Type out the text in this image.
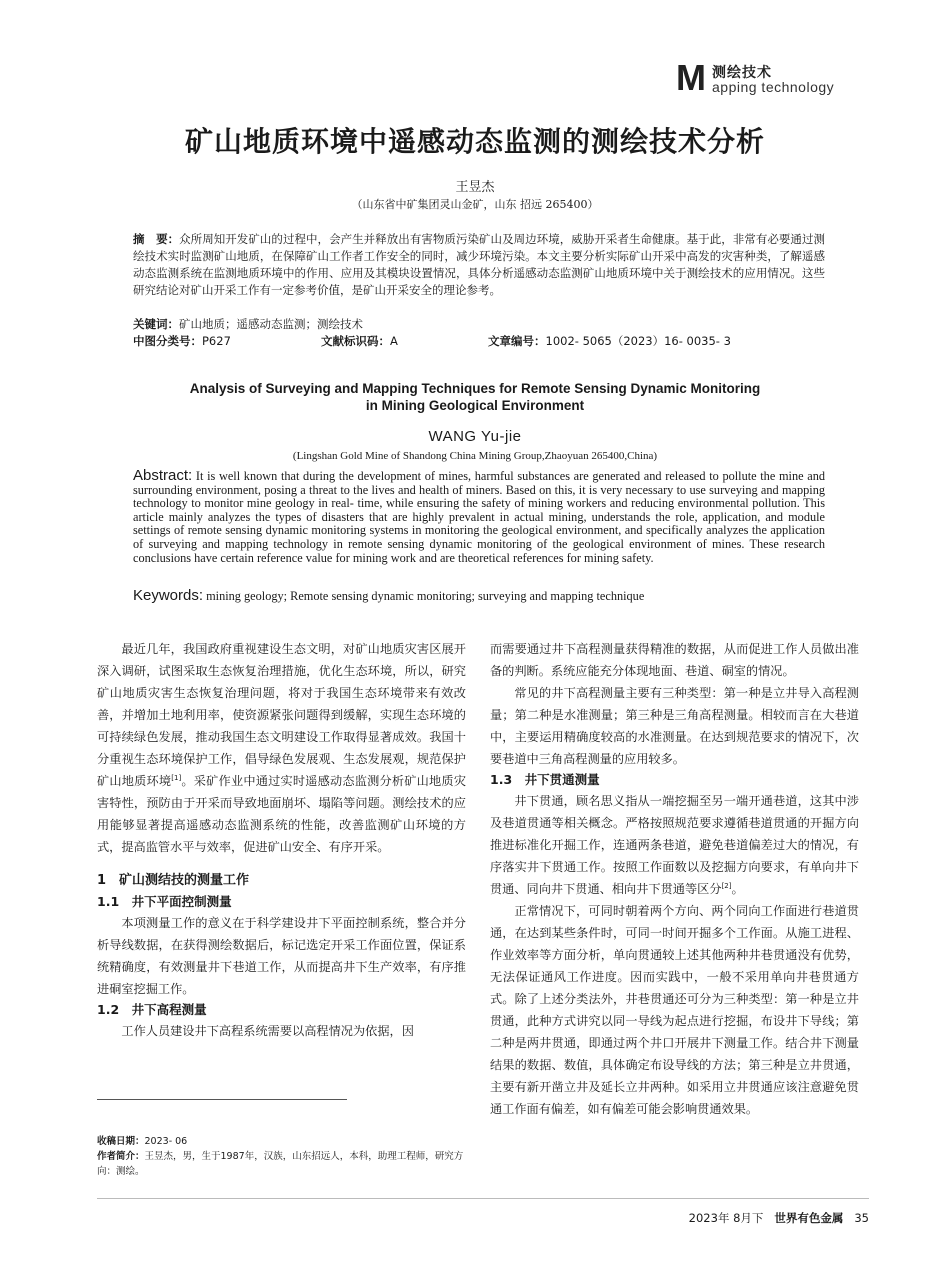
M 测绘技术
apping technology
矿山地质环境中遥感动态监测的测绘技术分析
王昱杰
（山东省中矿集团灵山金矿，山东 招远 265400）
摘　要：众所周知开发矿山的过程中，会产生并释放出有害物质污染矿山及周边环境，威胁开采者生命健康。基于此，非常有必要通过测绘技术实时监测矿山地质，在保障矿山工作者工作安全的同时，减少环境污染。本文主要分析实际矿山开采中高发的灾害种类，了解遥感动态监测系统在监测地质环境中的作用、应用及其模块设置情况，具体分析遥感动态监测矿山地质环境中关于测绘技术的应用情况。这些研究结论对矿山开采工作有一定参考价值，是矿山开采安全的理论参考。
关键词：矿山地质；遥感动态监测；测绘技术
中图分类号：P627	文献标识码：A	文章编号：1002- 5065（2023）16- 0035- 3
Analysis of Surveying and Mapping Techniques for Remote Sensing Dynamic Monitoring
in Mining Geological Environment
WANG Yu-jie
(Lingshan Gold Mine of Shandong China Mining Group,Zhaoyuan 265400,China)
Abstract: It is well known that during the development of mines, harmful substances are generated and released to pollute the mine and surrounding environment, posing a threat to the lives and health of miners. Based on this, it is very necessary to use surveying and mapping technology to monitor mine geology in real- time, while ensuring the safety of mining workers and reducing environmental pollution. This article mainly analyzes the types of disasters that are highly prevalent in actual mining, understands the role, application, and module settings of remote sensing dynamic monitoring systems in monitoring the geological environment, and specifically analyzes the application of surveying and mapping technology in remote sensing dynamic monitoring of the geological environment of mines. These research conclusions have certain reference value for mining work and are theoretical references for mining safety.
Keywords: mining geology; Remote sensing dynamic monitoring; surveying and mapping technique

最近几年，我国政府重视建设生态文明，对矿山地质灾害区展开深入调研，试图采取生态恢复治理措施，优化生态环境，所以，研究矿山地质灾害生态恢复治理问题，将对于我国生态环境带来有效改善，并增加土地利用率，使资源紧张问题得到缓解，实现生态环境的可持续绿色发展，推动我国生态文明建设工作取得显著成效。我国十分重视生态环境保护工作，倡导绿色发展观、生态发展观，规范保护矿山地质环境[1]。采矿作业中通过实时遥感动态监测分析矿山地质灾害特性，预防由于开采而导致地面崩坏、塌陷等问题。测绘技术的应用能够显著提高遥感动态监测系统的性能，改善监测矿山环境的方式，提高监管水平与效率，促进矿山安全、有序开采。

1　矿山测结技的测量工作

1.1　井下平面控制测量

本项测量工作的意义在于科学建设井下平面控制系统，整合并分析导线数据，在获得测绘数据后，标记选定开采工作面位置，保证系统精确度，有效测量井下巷道工作，从而提高井下生产效率，有序推进硐室挖掘工作。

1.2　井下高程测量

工作人员建设井下高程系统需要以高程情况为依据，因

而需要通过井下高程测量获得精准的数据，从而促进工作人员做出准备的判断。系统应能充分体现地面、巷道、硐室的情况。

常见的井下高程测量主要有三种类型：第一种是立井导入高程测量；第二种是水准测量；第三种是三角高程测量。相较而言在大巷道中，主要运用精确度较高的水准测量。在达到规范要求的情况下，次要巷道中三角高程测量的应用较多。

1.3　井下贯通测量

井下贯通，顾名思义指从一端挖掘至另一端开通巷道，这其中涉及巷道贯通等相关概念。严格按照规范要求遵循巷道贯通的开掘方向推进标准化开掘工作，连通两条巷道，避免巷道偏差过大的情况，有序落实井下贯通工作。按照工作面数以及挖掘方向要求，有单向井下贯通、同向井下贯通、相向井下贯通等区分[2]。

正常情况下，可同时朝着两个方向、两个同向工作面进行巷道贯通，在达到某些条件时，可同一时间开掘多个工作面。从施工进程、作业效率等方面分析，单向贯通较上述其他两种井巷贯通没有优势，无法保证通风工作进度。因而实践中，一般不采用单向井巷贯通方式。除了上述分类法外，井巷贯通还可分为三种类型：第一种是立井贯通，此种方式讲究以同一导线为起点进行挖掘，布设井下导线；第二种是两井贯通，即通过两个井口开展井下测量工作。结合井下测量结果的数据、数值，具体确定布设导线的方法；第三种是立井贯通，主要有新开凿立井及延长立井两种。如采用立井贯通应该注意避免贯通工作面有偏差，如有偏差可能会影响贯通效果。

收稿日期：2023- 06
作者简介：王昱杰，男，生于1987年，汉族，山东招远人，本科，助理工程师，研究方向：测绘。
2023年 8月下 世界有色金属 35
